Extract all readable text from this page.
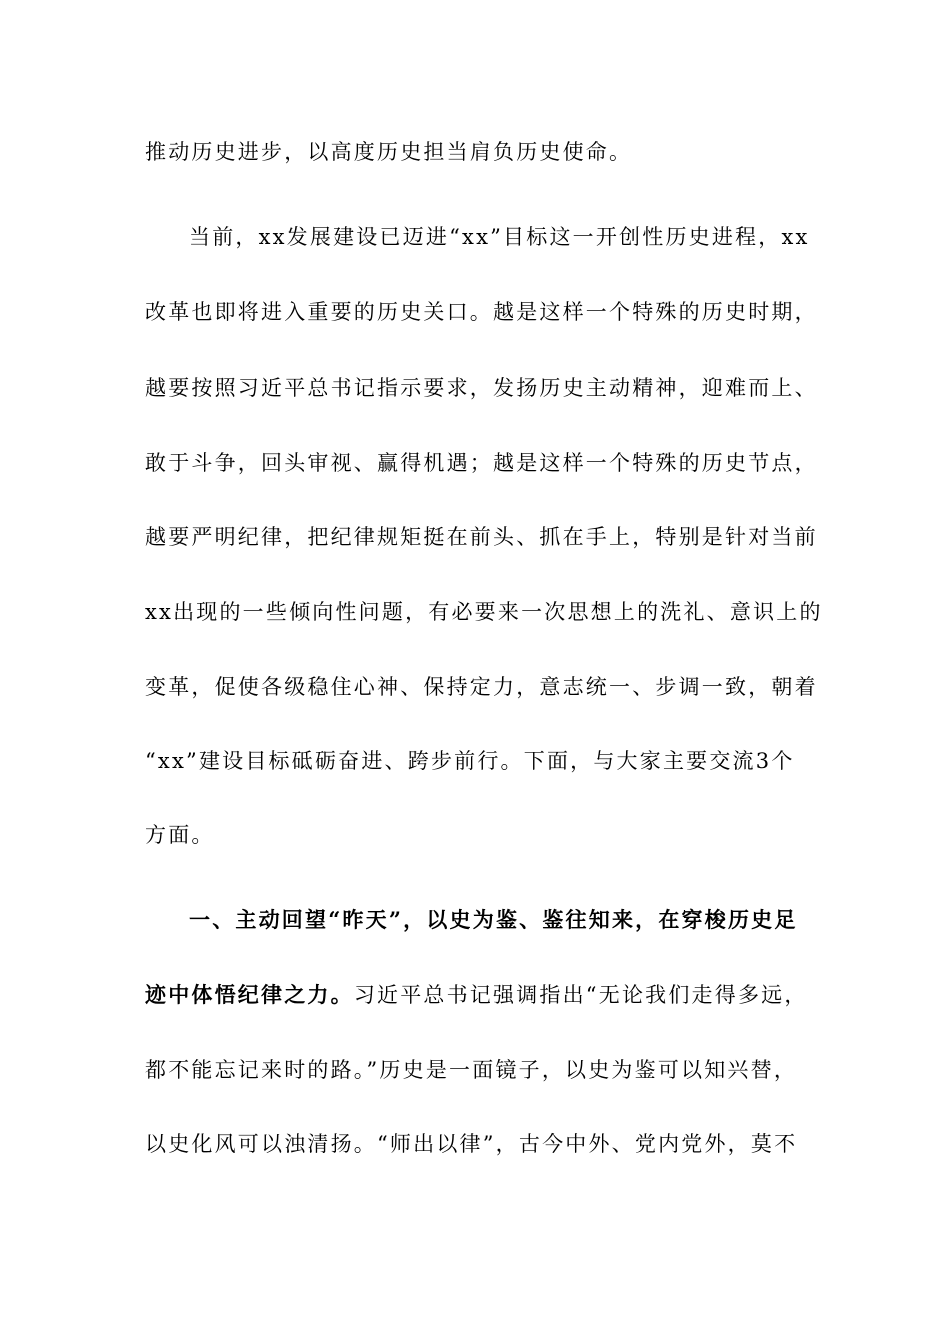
推动历史进步，以高度历史担当肩负历史使命。
当前，xx发展建设已迈进“xx”目标这一开创性历史进程，xx
改革也即将进入重要的历史关口。越是这样一个特殊的历史时期，
越要按照习近平总书记指示要求，发扬历史主动精神，迎难而上、
敢于斗争，回头审视、赢得机遇；越是这样一个特殊的历史节点，
越要严明纪律，把纪律规矩挺在前头、抓在手上，特别是针对当前
xx出现的一些倾向性问题，有必要来一次思想上的洗礼、意识上的
变革，促使各级稳住心神、保持定力，意志统一、步调一致，朝着
“xx”建设目标砥砺奋进、跨步前行。下面，与大家主要交流3个
方面。
一、主动回望“昨天”，以史为鉴、鉴往知来，在穿梭历史足
迹中体悟纪律之力。习近平总书记强调指出“无论我们走得多远，
都不能忘记来时的路。”历史是一面镜子，以史为鉴可以知兴替，
以史化风可以浊清扬。“师出以律”，古今中外、党内党外，莫不
